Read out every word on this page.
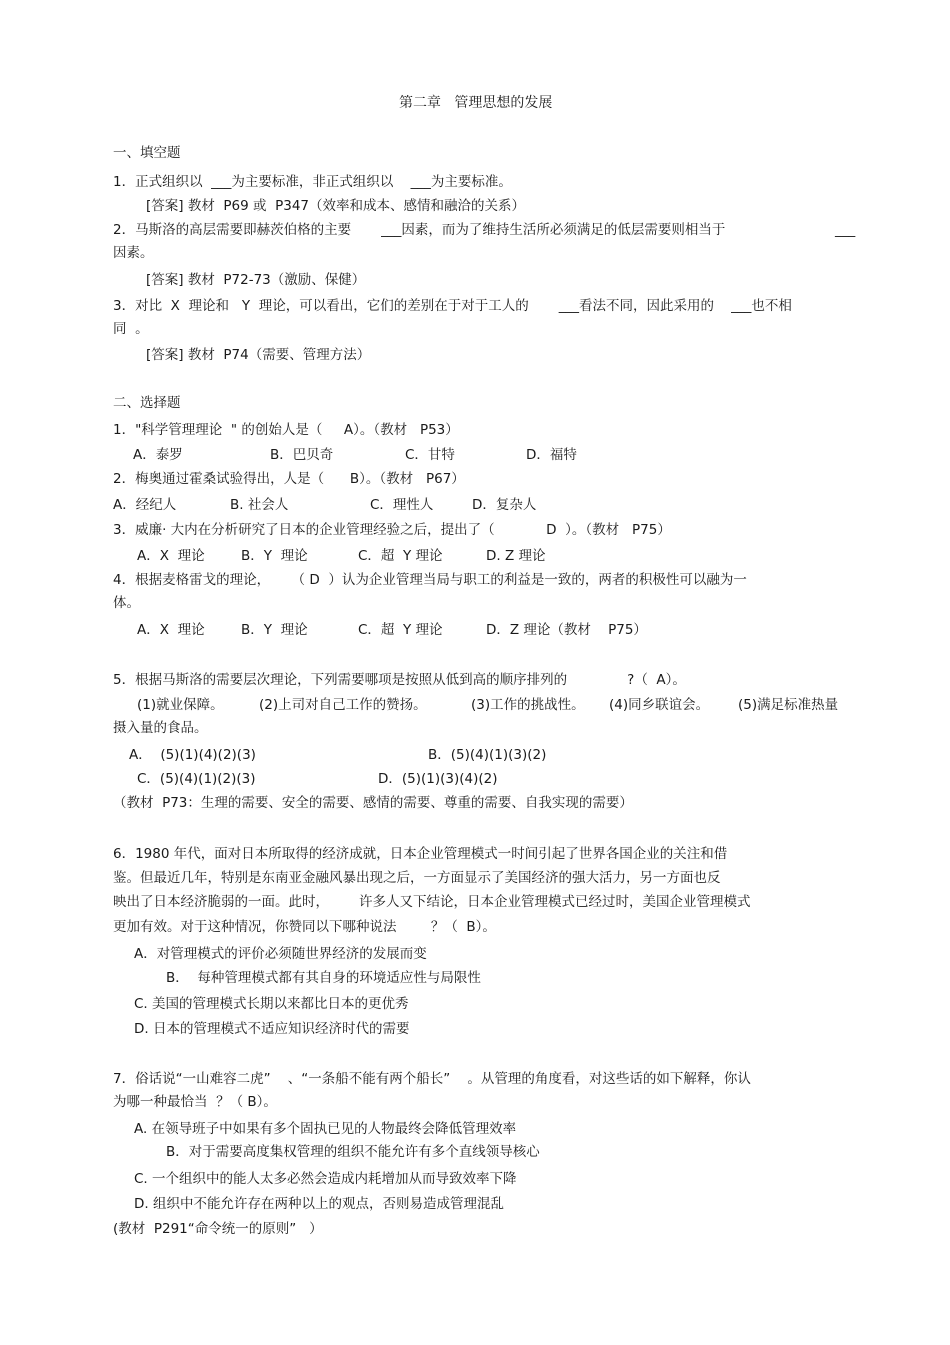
第二章   管理思想的发展
一、填空题
1．正式组织以  ___为主要标准，非正式组织以    ___为主要标准。
[答案] 教材  P69 或  P347（效率和成本、感情和融洽的关系）
2．马斯洛的高层需要即赫茨伯格的主要       ___因素，而为了维持生活所必须满足的低层需要则相当于	___
因素。
[答案] 教材  P72-73（激励、保健）
3．对比  X  理论和   Y  理论，可以看出，它们的差别在于对于工人的       ___看法不同，因此采用的    ___也不相
同  。
[答案] 教材  P74（需要、管理方法）
二、选择题
1．"科学管理理论  " 的创始人是（     A）。（教材   P53）
A．泰罗	B．巴贝奇	C．甘特	D．福特
2．梅奥通过霍桑试验得出，人是（      B）。（教材   P67）
A．经纪人	B. 社会人	C．理性人	D．复杂人
3．威廉· 大内在分析研究了日本的企业管理经验之后，提出了（            D  ）。（教材   P75）
A．X  理论	B．Y  理论	C．超  Y 理论	D. Z 理论
4．根据麦格雷戈的理论，     （ D  ）认为企业管理当局与职工的利益是一致的，两者的积极性可以融为一
体。
A．X  理论	B．Y  理论	C．超  Y 理论	D．Z 理论（教材    P75）
5．根据马斯洛的需要层次理论，下列需要哪项是按照从低到高的顺序排列的              ?（  A）。
(1)就业保障。	(2)上司对自己工作的赞扬。	(3)工作的挑战性。 (4)同乡联谊会。 (5)满足标准热量
摄入量的食品。
A．  (5)(1)(4)(2)(3)	B．(5)(4)(1)(3)(2)
C．(5)(4)(1)(2)(3)	D．(5)(1)(3)(4)(2)
（教材  P73：生理的需要、安全的需要、感情的需要、尊重的需要、自我实现的需要）
6．1980 年代，面对日本所取得的经济成就，日本企业管理模式一时间引起了世界各国企业的关注和借
鉴。但最近几年，特别是东南亚金融风暴出现之后，一方面显示了美国经济的强大活力，另一方面也反
映出了日本经济脆弱的一面。此时，       许多人又下结论，日本企业管理模式已经过时，美国企业管理模式
更加有效。对于这种情况，你赞同以下哪种说法        ？（  B）。
A．对管理模式的评价必须随世界经济的发展而变
B．  每种管理模式都有其自身的环境适应性与局限性
C. 美国的管理模式长期以来都比日本的更优秀
D. 日本的管理模式不适应知识经济时代的需要
7．俗话说“一山难容二虎”    、“一条船不能有两个船长”    。从管理的角度看，对这些话的如下解释，你认
为哪一种最恰当  ？（ B）。
A. 在领导班子中如果有多个固执已见的人物最终会降低管理效率
B．对于需要高度集权管理的组织不能允许有多个直线领导核心
C. 一个组织中的能人太多必然会造成内耗增加从而导致效率下降
D. 组织中不能允许存在两种以上的观点，否则易造成管理混乱
(教材  P291“命令统一的原则”   ）
